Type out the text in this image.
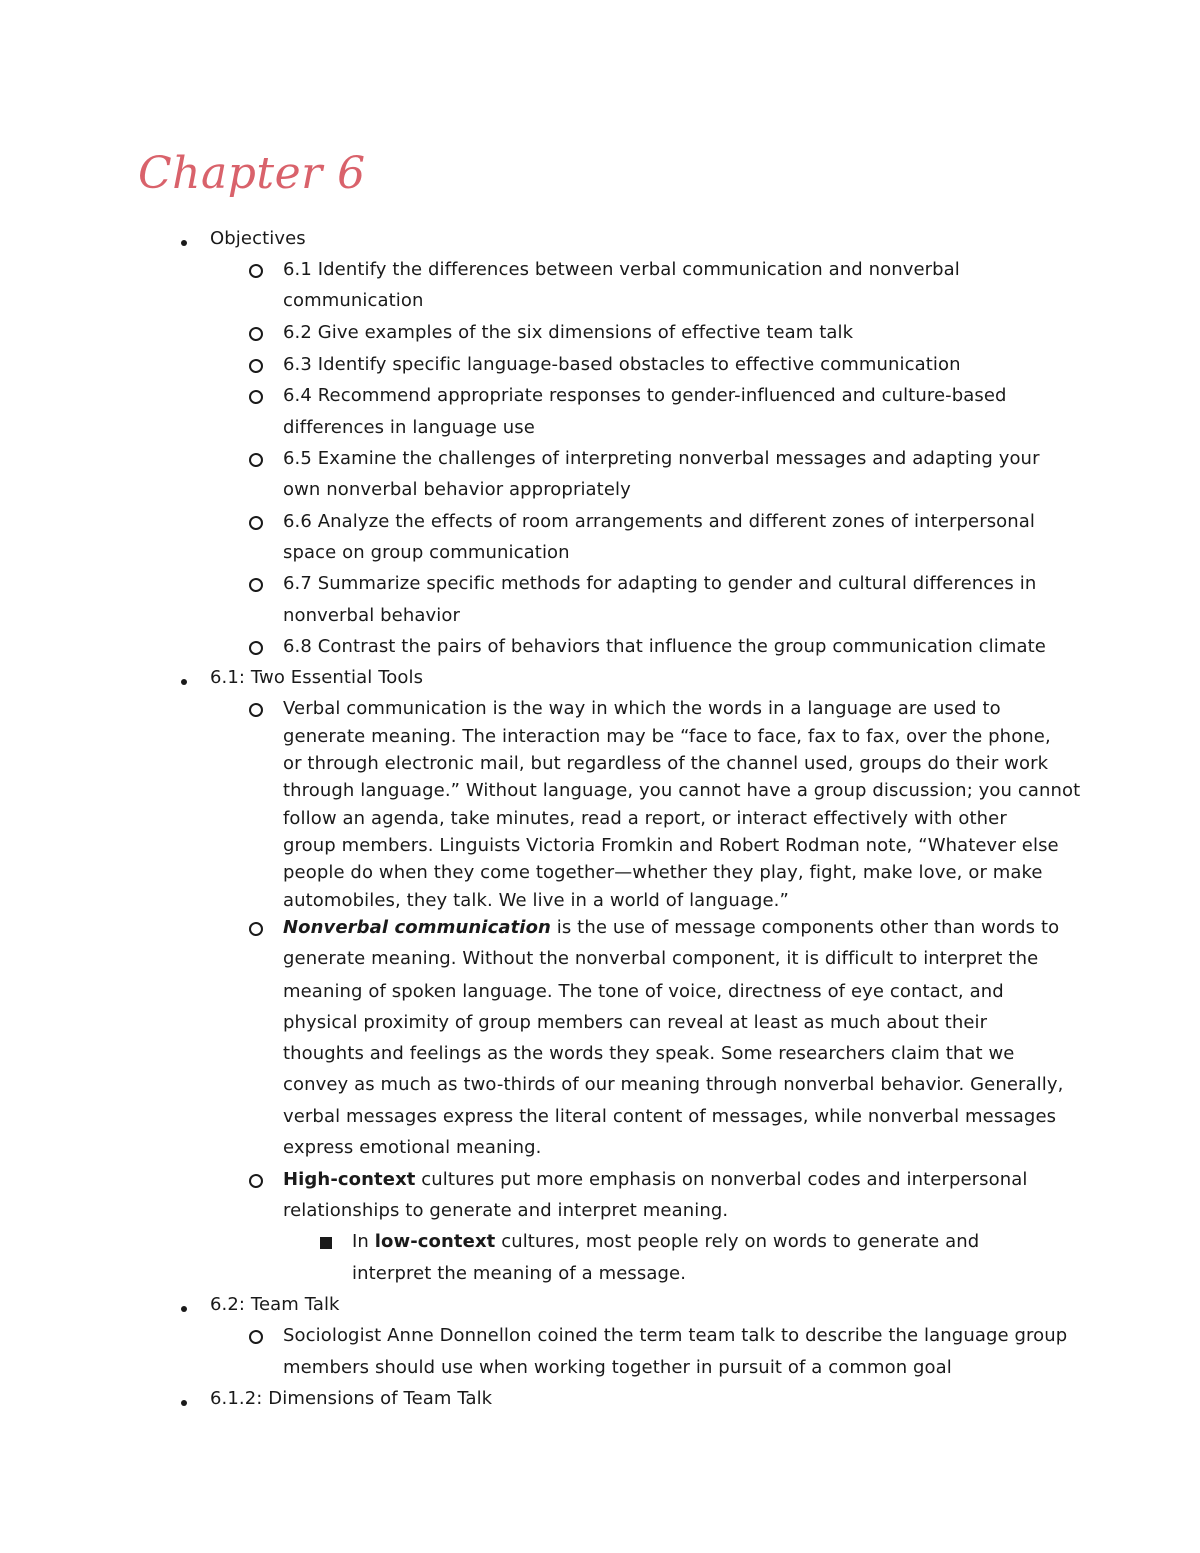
Chapter 6
Objectives
6.1 Identify the differences between verbal communication and nonverbal
communication
6.2 Give examples of the six dimensions of effective team talk
6.3 Identify specific language-based obstacles to effective communication
6.4 Recommend appropriate responses to gender-influenced and culture-based
differences in language use
6.5 Examine the challenges of interpreting nonverbal messages and adapting your
own nonverbal behavior appropriately
6.6 Analyze the effects of room arrangements and different zones of interpersonal
space on group communication
6.7 Summarize specific methods for adapting to gender and cultural differences in
nonverbal behavior
6.8 Contrast the pairs of behaviors that influence the group communication climate
6.1: Two Essential Tools
Verbal communication is the way in which the words in a language are used to
generate meaning. The interaction may be “face to face, fax to fax, over the phone,
or through electronic mail, but regardless of the channel used, groups do their work
through language.” Without language, you cannot have a group discussion; you cannot
follow an agenda, take minutes, read a report, or interact effectively with other
group members. Linguists Victoria Fromkin and Robert Rodman note, “Whatever else
people do when they come together—whether they play, fight, make love, or make
automobiles, they talk. We live in a world of language.”
Nonverbal communication is the use of message components other than words to
generate meaning. Without the nonverbal component, it is difficult to interpret the
meaning of spoken language. The tone of voice, directness of eye contact, and
physical proximity of group members can reveal at least as much about their
thoughts and feelings as the words they speak. Some researchers claim that we
convey as much as two-thirds of our meaning through nonverbal behavior. Generally,
verbal messages express the literal content of messages, while nonverbal messages
express emotional meaning.
High-context cultures put more emphasis on nonverbal codes and interpersonal
relationships to generate and interpret meaning.
In low-context cultures, most people rely on words to generate and
interpret the meaning of a message.
6.2: Team Talk
Sociologist Anne Donnellon coined the term team talk to describe the language group
members should use when working together in pursuit of a common goal
6.1.2: Dimensions of Team Talk
